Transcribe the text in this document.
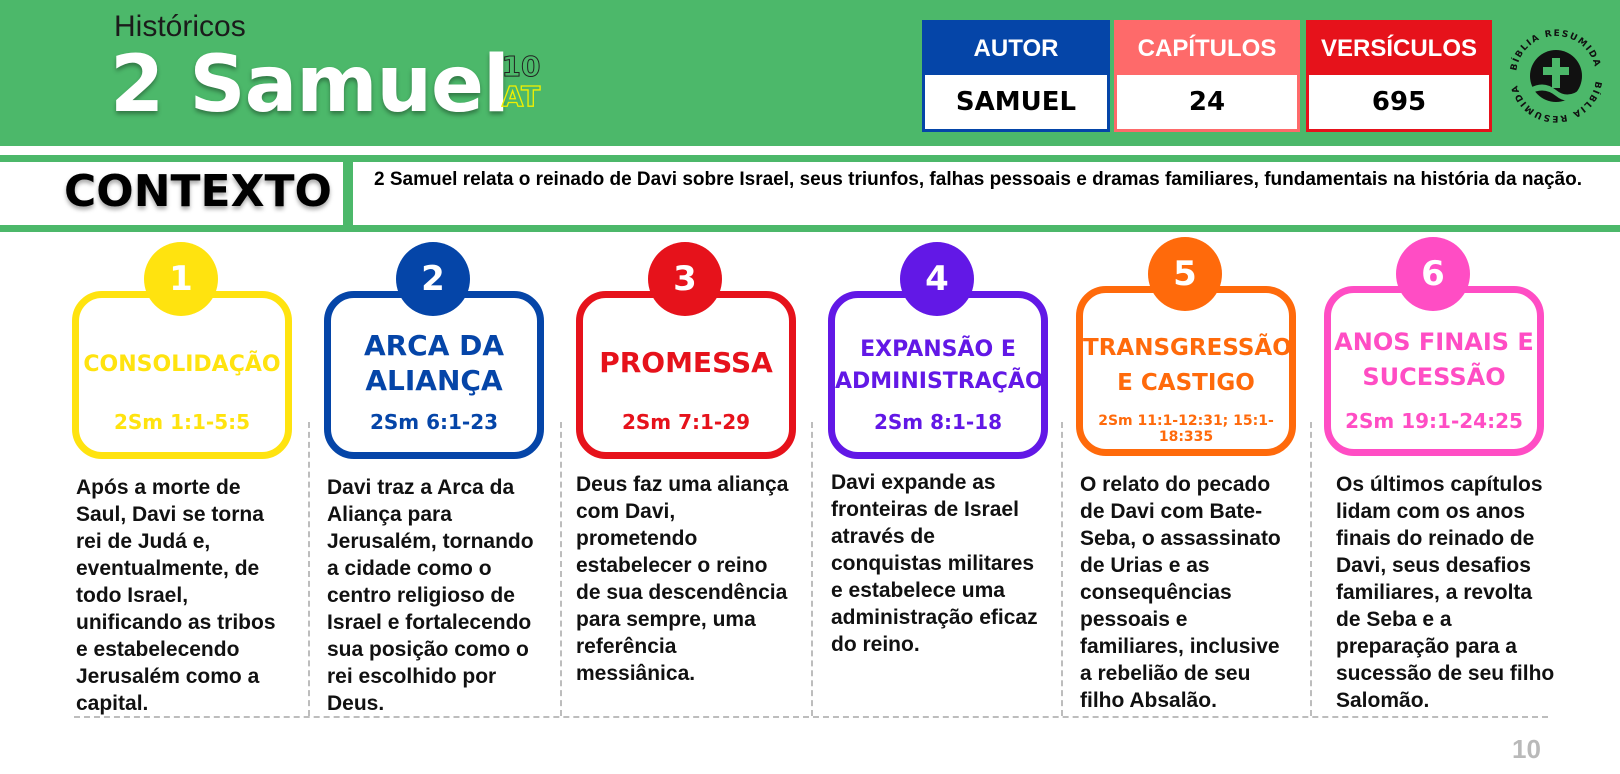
Históricos
2 Samuel
10
AT
AUTOR
SAMUEL
CAPÍTULOS
24
VERSÍCULOS
695
BÍBLIA RESUMIDA
BÍBLIA RESUMIDA
CONTEXTO 2 Samuel relata o reinado de Davi sobre Israel, seus triunfos, falhas pessoais e dramas familiares, fundamentais na história da nação.
CONSOLIDAÇÃO
2Sm 1:1-5:5
1
ARCA DA ALIANÇA
2Sm 6:1-23
2
PROMESSA
2Sm 7:1-29
3
EXPANSÃO E ADMINISTRAÇÃO
2Sm 8:1-18
4
TRANSGRESSÃO E CASTIGO
2Sm 11:1-12:31; 15:1-18:335
5
ANOS FINAIS E SUCESSÃO
2Sm 19:1-24:25
6
Após a morte de Saul, Davi se torna rei de Judá e, eventualmente, de todo Israel, unificando as tribos e estabelecendo Jerusalém como a capital.
Davi traz a Arca da Aliança para Jerusalém, tornando a cidade como o centro religioso de Israel e fortalecendo sua posição como o rei escolhido por Deus.
Deus faz uma aliança com Davi, prometendo estabelecer o reino de sua descendência para sempre, uma referência messiânica.
Davi expande as fronteiras de Israel através de conquistas militares e estabelece uma administração eficaz do reino.
O relato do pecado de Davi com Bate-Seba, o assassinato de Urias e as consequências pessoais e familiares, inclusive a rebelião de seu filho Absalão.
Os últimos capítulos lidam com os anos finais do reinado de Davi, seus desafios familiares, a revolta de Seba e a preparação para a sucessão de seu filho Salomão.
10
